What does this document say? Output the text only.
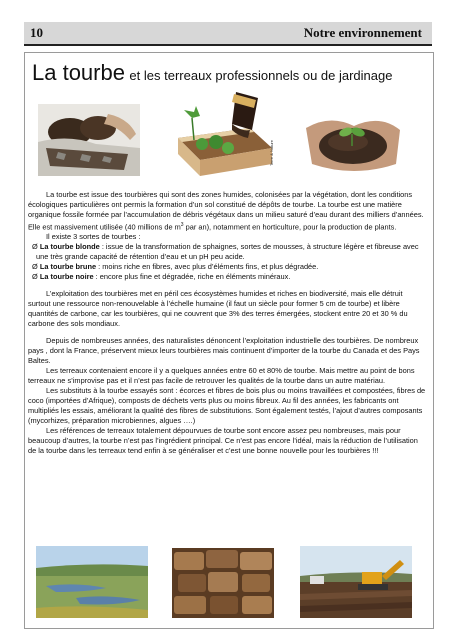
10	Notre environnement
La tourbe et les terreaux professionnels ou de jardinage
Terre & Nature

La tourbe est issue des tourbières qui sont des zones humides, colonisées par la végétation, dont les conditions écologiques particulières ont permis la formation d’un sol constitué de dépôts de tourbe. La tourbe est une matière organique fossile formée par l’accumulation de débris végétaux dans un milieu saturé d’eau durant des milliers d’années. Elle est massivement utilisée (40 millions de $m^3$ par an), notamment en horticulture, pour la production de plants.

Il existe 3 sortes de tourbes :

Ø La tourbe blonde : issue de la transformation de sphaignes, sortes de mousses, à structure légère et fibreuse avec une très grande capacité de rétention d’eau et un pH peu acide.

Ø La tourbe brune : moins riche en fibres, avec plus d’éléments fins, et plus dégradée.

Ø La tourbe noire : encore plus fine et dégradée, riche en éléments minéraux.

L’exploitation des tourbières met en péril ces écosystèmes humides et riches en biodiversité, mais elle détruit surtout une ressource non-renouvelable à l’échelle humaine (il faut un siècle pour former 5 cm de tourbe) et libère quantités de carbone, car les tourbières, qui ne couvrent que 3% des terres émergées, stockent entre 20 et 30 % du carbone des sols mondiaux.

Depuis de nombreuses années, des naturalistes dénoncent l’exploitation industrielle des tourbières. De nombreux pays , dont la France, préservent mieux leurs tourbières mais continuent d’importer de la tourbe du Canada et des Pays Baltes.

Les terreaux contenaient encore il y a quelques années entre 60 et 80% de tourbe. Mais mettre au point de bons terreaux ne s’improvise pas et il n’est pas facile de retrouver les qualités de la tourbe dans un autre matériau.

Les substituts à la tourbe essayés sont : écorces et fibres de bois plus ou moins travaillées et compostées, fibres de coco (importées d’Afrique), composts de déchets verts plus ou moins fibreux. Au fil des années, les fabricants ont multipliés les essais, améliorant la qualité des fibres de substitutions. Sont également testés, l’ajout d’autres composants (mycorhizes, préparation microbiennes, algues ….)

Les références de terreaux totalement dépourvues de tourbe sont encore assez peu nombreuses, mais pour beaucoup d’autres, la tourbe n’est pas l’ingrédient principal. Ce n’est pas encore l’idéal, mais la réduction de l’utilisation de la tourbe dans les terreaux tend enfin à se généraliser et c’est une bonne nouvelle pour les tourbières !!!
